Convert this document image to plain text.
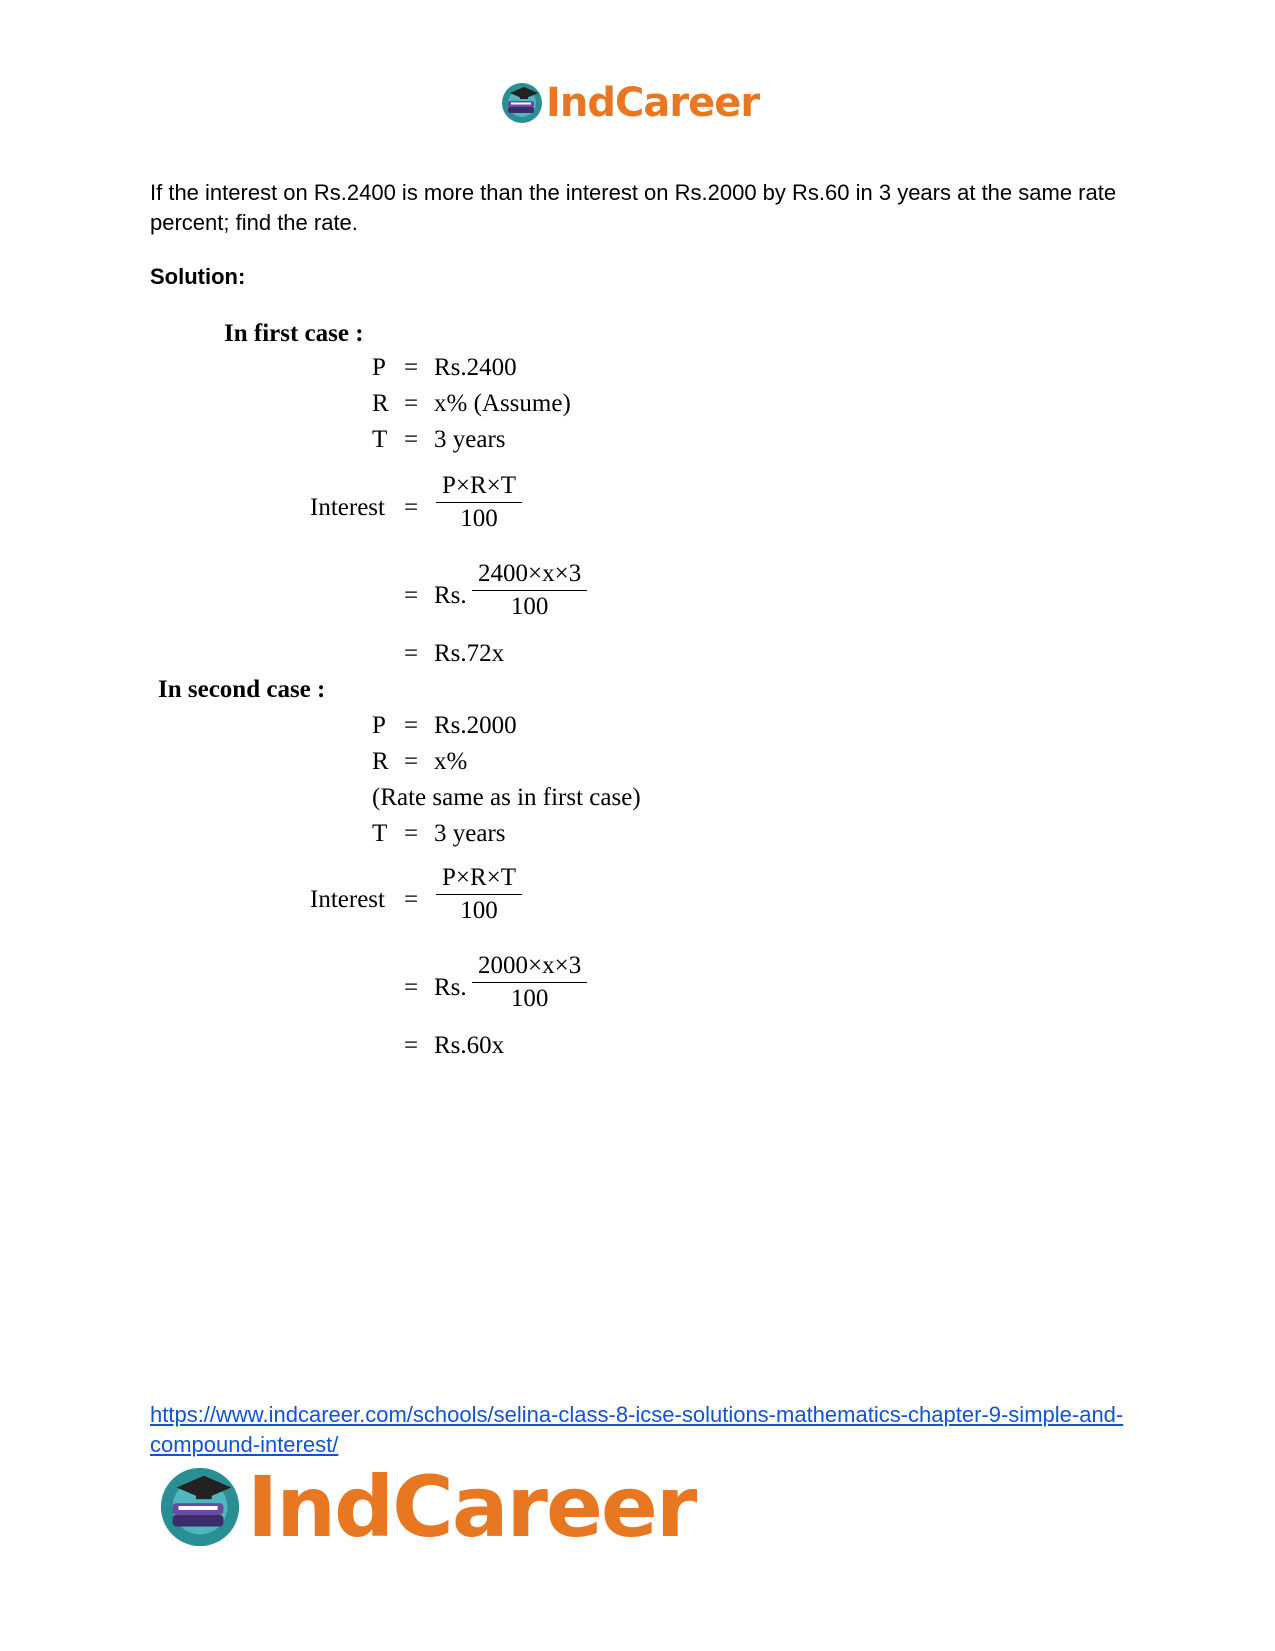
IndCareer
If the interest on Rs.2400 is more than the interest on Rs.2000 by Rs.60 in 3 years at the same rate percent; find the rate.
Solution:
In first case :
P = Rs.2400
R = x% (Assume)
T = 3 years
Interest = $\frac{P\times R\times T}{100}$
= Rs. $\frac{2400\times x\times 3}{100}$
= Rs.72x
In second case :
P = Rs.2000
R = x%
(Rate same as in first case)
T = 3 years
Interest = $\frac{P\times R\times T}{100}$
= Rs. $\frac{2000\times x\times 3}{100}$
= Rs.60x
https://www.indcareer.com/schools/selina-class-8-icse-solutions-mathematics-chapter-9-simple-and-compound-interest/
IndCareer
